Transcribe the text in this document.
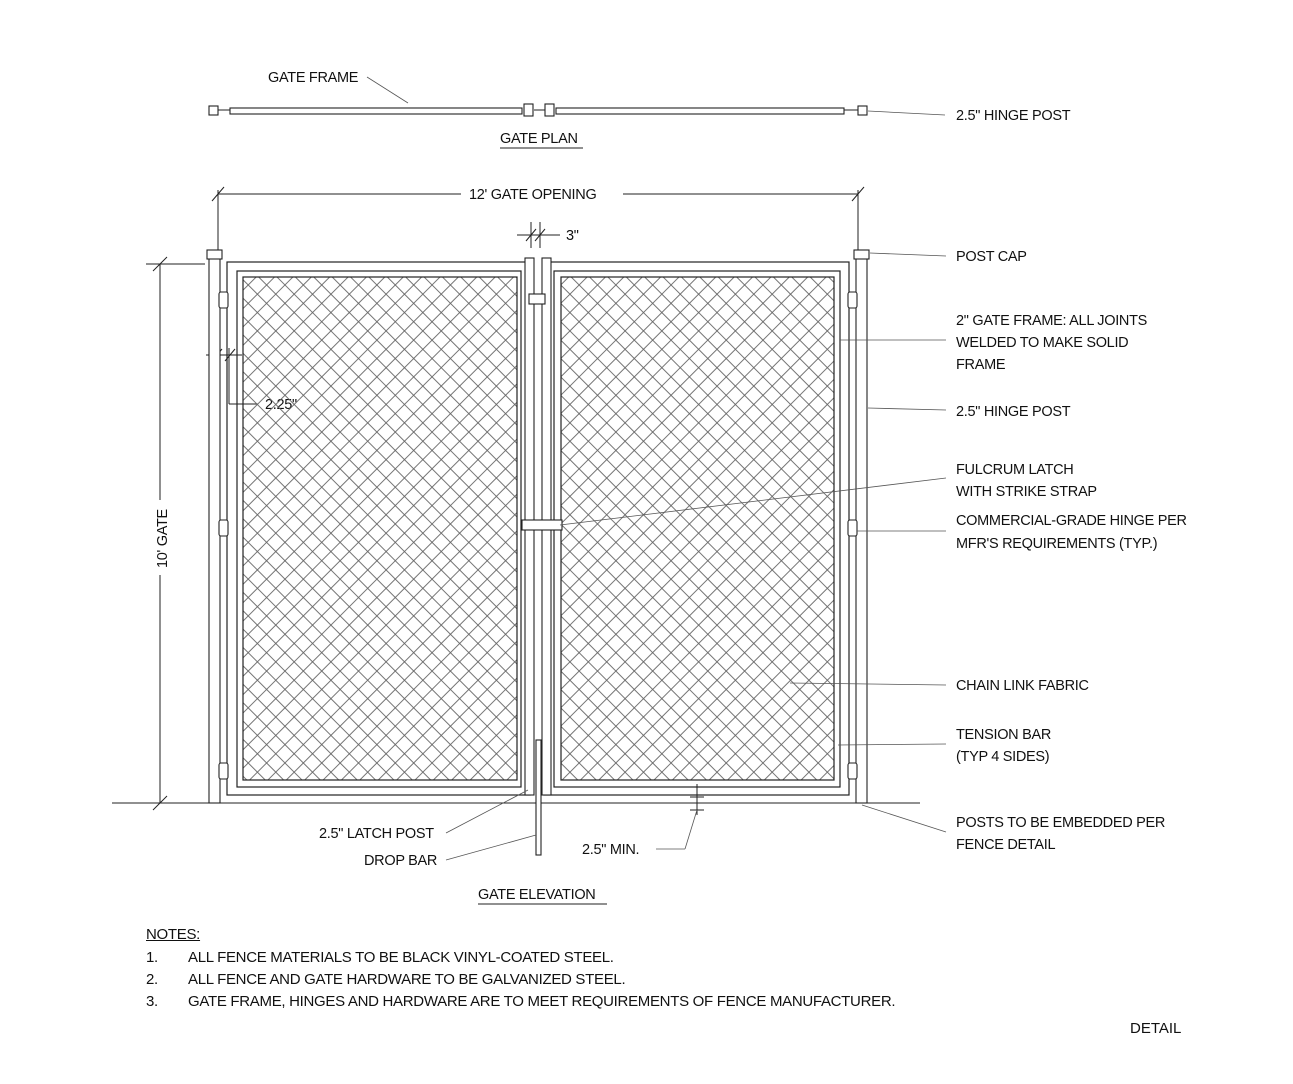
GATE FRAME
2.5" HINGE POST
GATE PLAN
12' GATE OPENING
3"
10' GATE
2.5" LATCH POST
DROP BAR
2.5" MIN.
GATE ELEVATION
POST CAP
2" GATE FRAME: ALL JOINTS
WELDED TO MAKE SOLID
FRAME
2.5" HINGE POST
FULCRUM LATCH
WITH STRIKE STRAP
COMMERCIAL-GRADE HINGE PER
MFR'S REQUIREMENTS (TYP.)
CHAIN LINK FABRIC
TENSION BAR
(TYP 4 SIDES)
POSTS TO BE EMBEDDED PER
FENCE DETAIL
NOTES:
1.	ALL FENCE MATERIALS TO BE BLACK VINYL-COATED STEEL.
2.	ALL FENCE AND GATE HARDWARE TO BE GALVANIZED STEEL.
3.	GATE FRAME, HINGES AND HARDWARE ARE TO MEET REQUIREMENTS OF FENCE MANUFACTURER.
DETAIL
